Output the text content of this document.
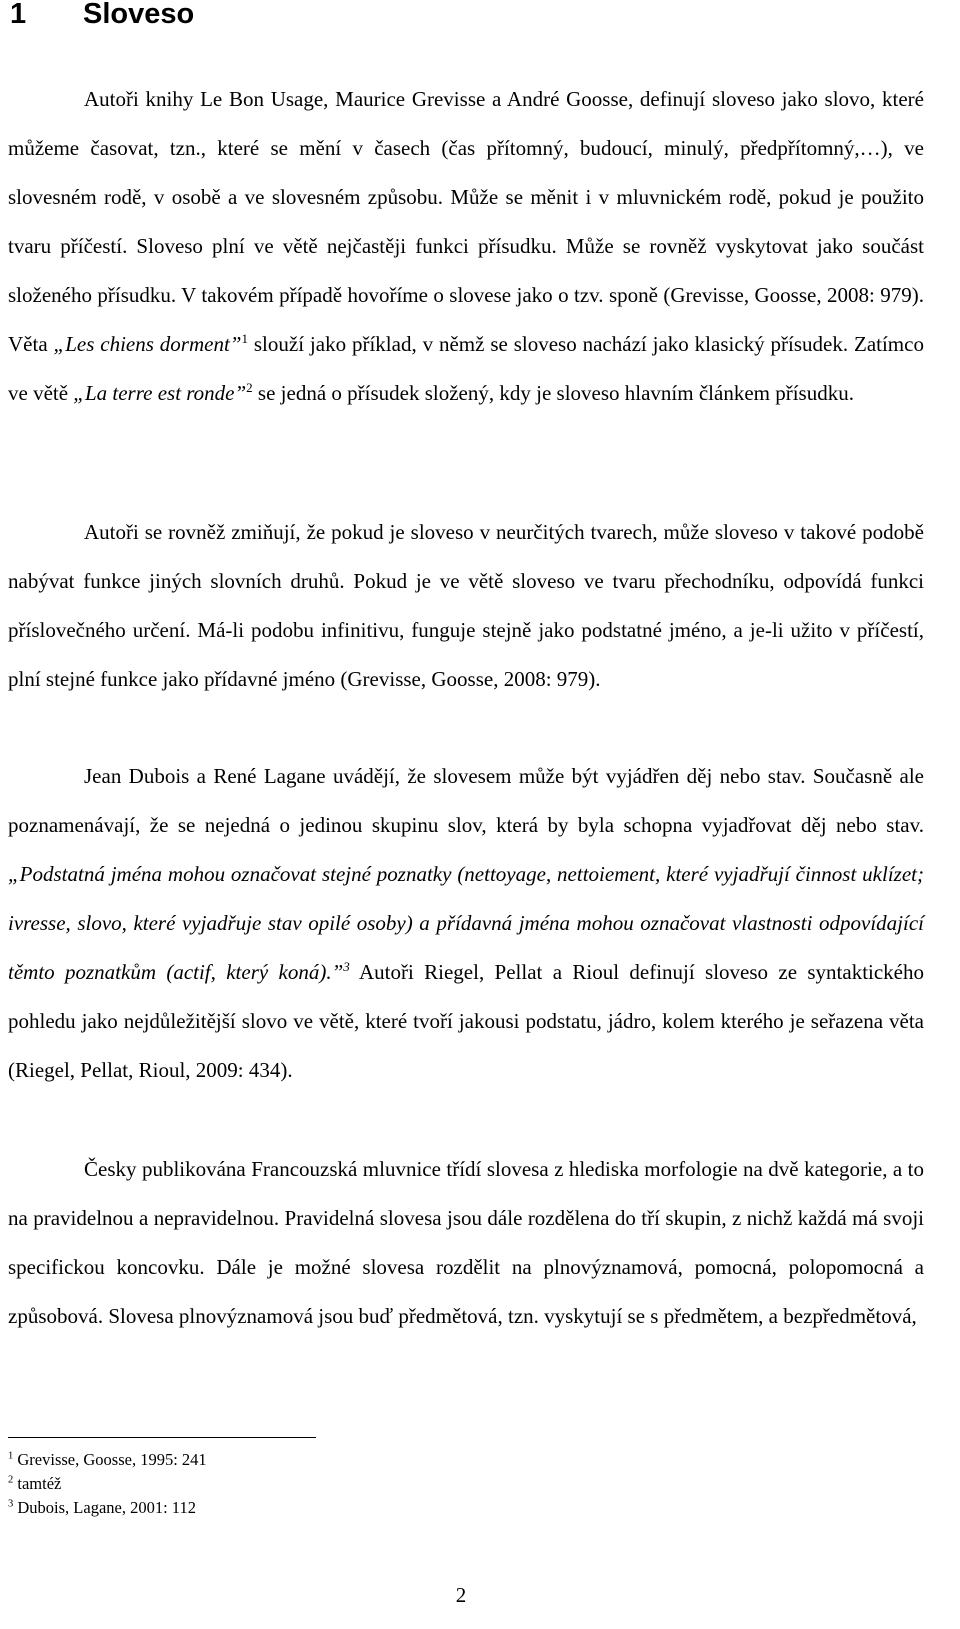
1 Sloveso

Autoři knihy Le Bon Usage, Maurice Grevisse a André Goosse, definují sloveso jako slovo, které můžeme časovat, tzn., které se mění v časech (čas přítomný, budoucí, minulý, předpřítomný,…), ve slovesném rodě, v osobě a ve slovesném způsobu. Může se měnit i v mluvnickém rodě, pokud je použito tvaru příčestí. Sloveso plní ve větě nejčastěji funkci přísudku. Může se rovněž vyskytovat jako součást složeného přísudku. V takovém případě hovoříme o slovese jako o tzv. sponě (Grevisse, Goosse, 2008: 979). Věta „Les chiens dorment”$^1$ slouží jako příklad, v němž se sloveso nachází jako klasický přísudek. Zatímco ve větě „La terre est ronde”$^2$ se jedná o přísudek složený, kdy je sloveso hlavním článkem přísudku.

Autoři se rovněž zmiňují, že pokud je sloveso v neurčitých tvarech, může sloveso v takové podobě nabývat funkce jiných slovních druhů. Pokud je ve větě sloveso ve tvaru přechodníku, odpovídá funkci příslovečného určení. Má-li podobu infinitivu, funguje stejně jako podstatné jméno, a je-li užito v příčestí, plní stejné funkce jako přídavné jméno (Grevisse, Goosse, 2008: 979).

Jean Dubois a René Lagane uvádějí, že slovesem může být vyjádřen děj nebo stav. Současně ale poznamenávají, že se nejedná o jedinou skupinu slov, která by byla schopna vyjadřovat děj nebo stav. „Podstatná jména mohou označovat stejné poznatky (nettoyage, nettoiement, které vyjadřují činnost uklízet; ivresse, slovo, které vyjadřuje stav opilé osoby) a přídavná jména mohou označovat vlastnosti odpovídající těmto poznatkům (actif, který koná).”$^3$ Autoři Riegel, Pellat a Rioul definují sloveso ze syntaktického pohledu jako nejdůležitější slovo ve větě, které tvoří jakousi podstatu, jádro, kolem kterého je seřazena věta (Riegel, Pellat, Rioul, 2009: 434).

Česky publikována Francouzská mluvnice třídí slovesa z hlediska morfologie na dvě kategorie, a to na pravidelnou a nepravidelnou. Pravidelná slovesa jsou dále rozdělena do tří skupin, z nichž každá má svoji specifickou koncovku. Dále je možné slovesa rozdělit na plnovýznamová, pomocná, polopomocná a způsobová. Slovesa plnovýznamová jsou buď předmětová, tzn. vyskytují se s předmětem, a bezpředmětová,

$^1$ Grevisse, Goosse, 1995: 241
$^2$ tamtéž
$^3$ Dubois, Lagane, 2001: 112
2
